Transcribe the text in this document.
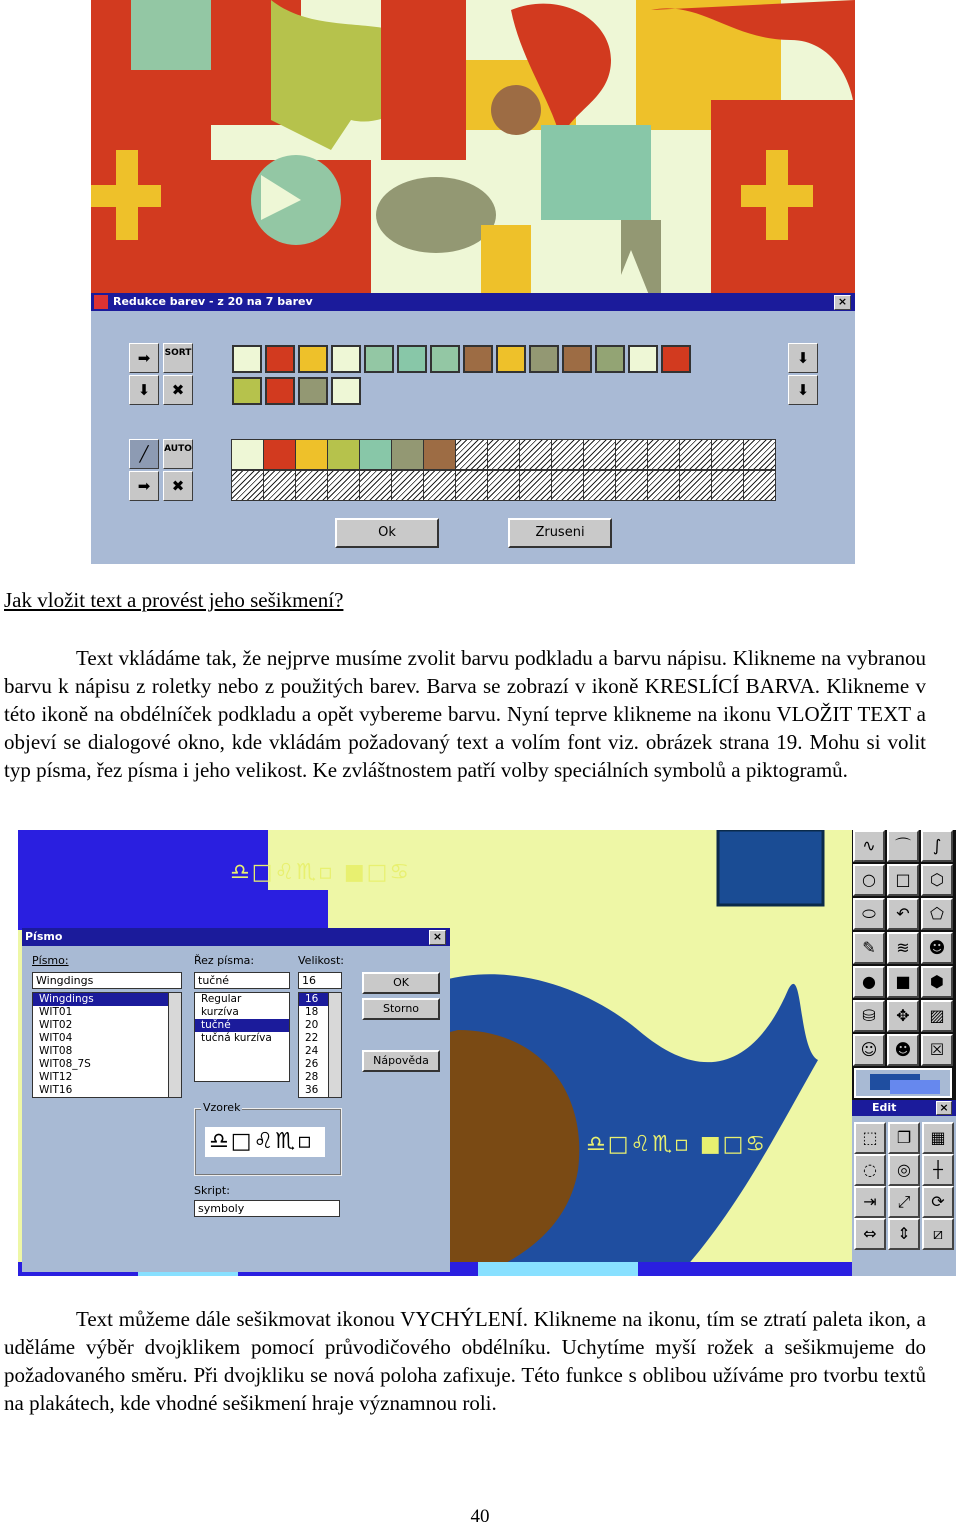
Redukce barev - z 20 na 7 barev	×
➡	SORT
⬇	✖
╱	AUTO
➡	✖
⬇
⬇
Ok	Zruseni
Jak vložit text a provést jeho sešikmení?
Text vkládáme tak, že nejprve musíme zvolit barvu podkladu a barvu nápisu. Klikneme na vybranou barvu k nápisu z roletky nebo z použitých barev. Barva se zobrazí v ikoně KRESLÍCÍ BARVA. Klikneme v této ikoně na obdélníček podkladu a opět vybereme barvu. Nyní teprve klikneme na ikonu VLOŽIT TEXT a objeví se dialogové okno, kde vkládám požadovaný text a volím font viz. obrázek strana 19. Mohu si volit typ písma, řez písma i jeho velikost. Ke zvláštnostem patří volby speciálních symbolů a piktogramů.
♎□♌♏▫ ■□♋
♎□♌♏▫ ■□♋
Písmo	×
Písmo:	Řez písma:	Velikost:
Wingdings	tučné	16
Wingdings
WIT01
WIT02
WIT04
WIT08
WIT08_7S
WIT12
WIT16
Regular
kurzíva
tučné
tučná kurzíva
16
18
20
22
24
26
28
36
OK
Storno
Nápověda
Vzorek
♎□♌♏▫
Skript:
symboly
∿	⌒	∫
○	□	⬡
⬭	↶	⬠
✎	≋	☻
●	■	⬢
⛁	✥	▨
☺	☻	☒
Edit	×
⬚	❐	▦
◌	◎	┼
⇥	⤢	⟳
⇔	⇕	⧄
Text můžeme dále sešikmovat ikonou VYCHÝLENÍ. Klikneme na ikonu, tím se ztratí paleta ikon, a uděláme výběr dvojklikem pomocí průvodičového obdélníku. Uchytíme myší rožek a sešikmujeme do požadovaného směru. Při dvojkliku se nová poloha zafixuje. Této funkce s oblibou užíváme pro tvorbu textů na plakátech, kde vhodné sešikmení hraje významnou roli.
40
